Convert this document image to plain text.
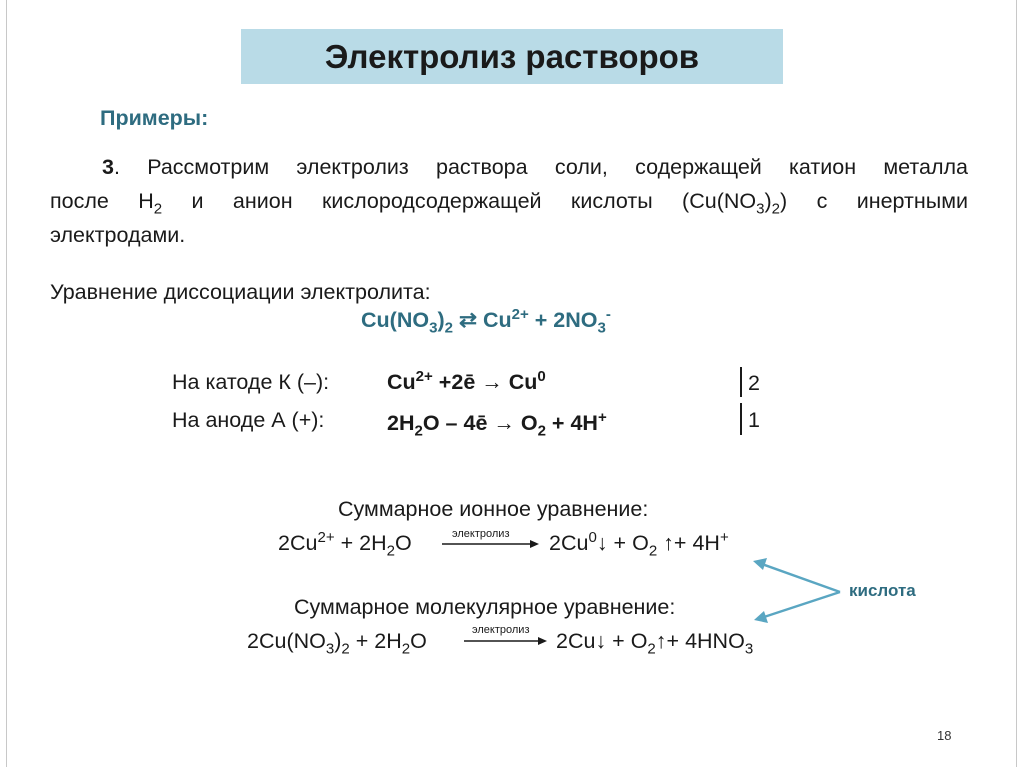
Электролиз растворов
Примеры:
3. Рассмотрим электролиз раствора соли, содержащей катион металла
после $H_2$ и анион кислородсодержащей кислоты $(Cu(NO_3)_2)$ с инертными
электродами.
Уравнение диссоциации электролита:
$Cu(NO_3)_2$ ⇄ $Cu^{2+} + 2NO_3^-$
На катоде К (–):	$Cu^{2+}$ +2ē → $Cu^0$	2
На аноде А (+):	$2H_2O$ – 4ē → $O_2 + 4H^+$	1
Суммарное ионное уравнение:
$2Cu^{2+} + 2H_2O$	электролиз $2Cu^0↓ + O_2$ ↑+ 4H+
кислота
Суммарное молекулярное уравнение:
$2Cu(NO_3)_2 + 2H_2O$	электролиз 2Cu↓ + $O_2↑+ 4HNO_3$
18
